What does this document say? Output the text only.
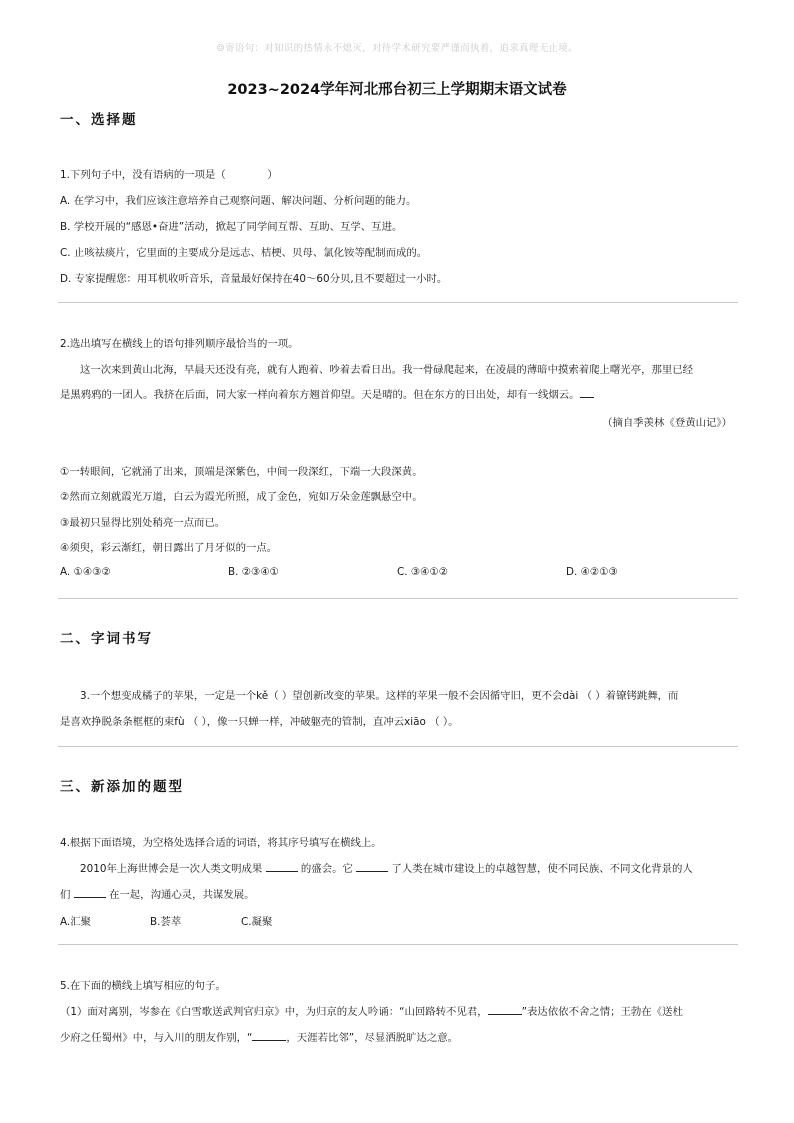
☺寄语句：对知识的热情永不熄灭，对待学术研究要严谨而执着，追求真理无止境。
2023~2024学年河北邢台初三上学期期末语文试卷
一、选择题
1.下列句子中，没有语病的一项是（　　　　）
A. 在学习中，我们应该注意培养自己观察问题、解决问题、分析问题的能力。
B. 学校开展的“感恩•奋进”活动，掀起了同学间互帮、互助、互学、互进。
C. 止咳祛痰片，它里面的主要成分是远志、桔梗、贝母、氯化铵等配制而成的。
D. 专家提醒您：用耳机收听音乐，音量最好保持在40～60分贝,且不要超过一小时。
2.选出填写在横线上的语句排列顺序最恰当的一项。
这一次来到黄山北海，早晨天还没有亮，就有人跑着、吵着去看日出。我一骨碌爬起来，在凌晨的薄暗中摸索着爬上曙光亭，那里已经
是黑鸦鸦的一团人。我挤在后面，同大家一样向着东方翘首仰望。天是晴的。但在东方的日出处，却有一线烟云。
（摘自季羡林《登黄山记》）
①一转眼间，它就涌了出来，顶端是深紫色，中间一段深红，下端一大段深黄。
②然而立刻就霞光万道，白云为霞光所照，成了金色，宛如万朵金莲飘悬空中。
③最初只显得比别处稍亮一点而已。
④须臾，彩云渐红，朝日露出了月牙似的一点。
A. ①④③②	B. ②③④①	C. ③④①②	D. ④②①③
二、字词书写
3.一个想变成橘子的苹果，一定是一个kě（ ）望创新改变的苹果。这样的苹果一般不会因循守旧，更不会dài （ ）着镣铐跳舞，而
是喜欢挣脱条条框框的束fù （ ），像一只蝉一样，冲破躯壳的管制，直冲云xiāo （ ）。
三、新添加的题型
4.根据下面语境，为空格处选择合适的词语，将其序号填写在横线上。
2010年上海世博会是一次人类文明成果	的盛会。它	了人类在城市建设上的卓越智慧，使不同民族、不同文化背景的人
们	在一起，沟通心灵，共谋发展。
A.汇聚	B.荟萃	C.凝聚
5.在下面的横线上填写相应的句子。
（1）面对离别，岑参在《白雪歌送武判官归京》中，为归京的友人吟诵：“山回路转不见君，	”表达依依不舍之情；王勃在《送杜
少府之任蜀州》中，与入川的朋友作别，“	，天涯若比邻”，尽显洒脱旷达之意。
